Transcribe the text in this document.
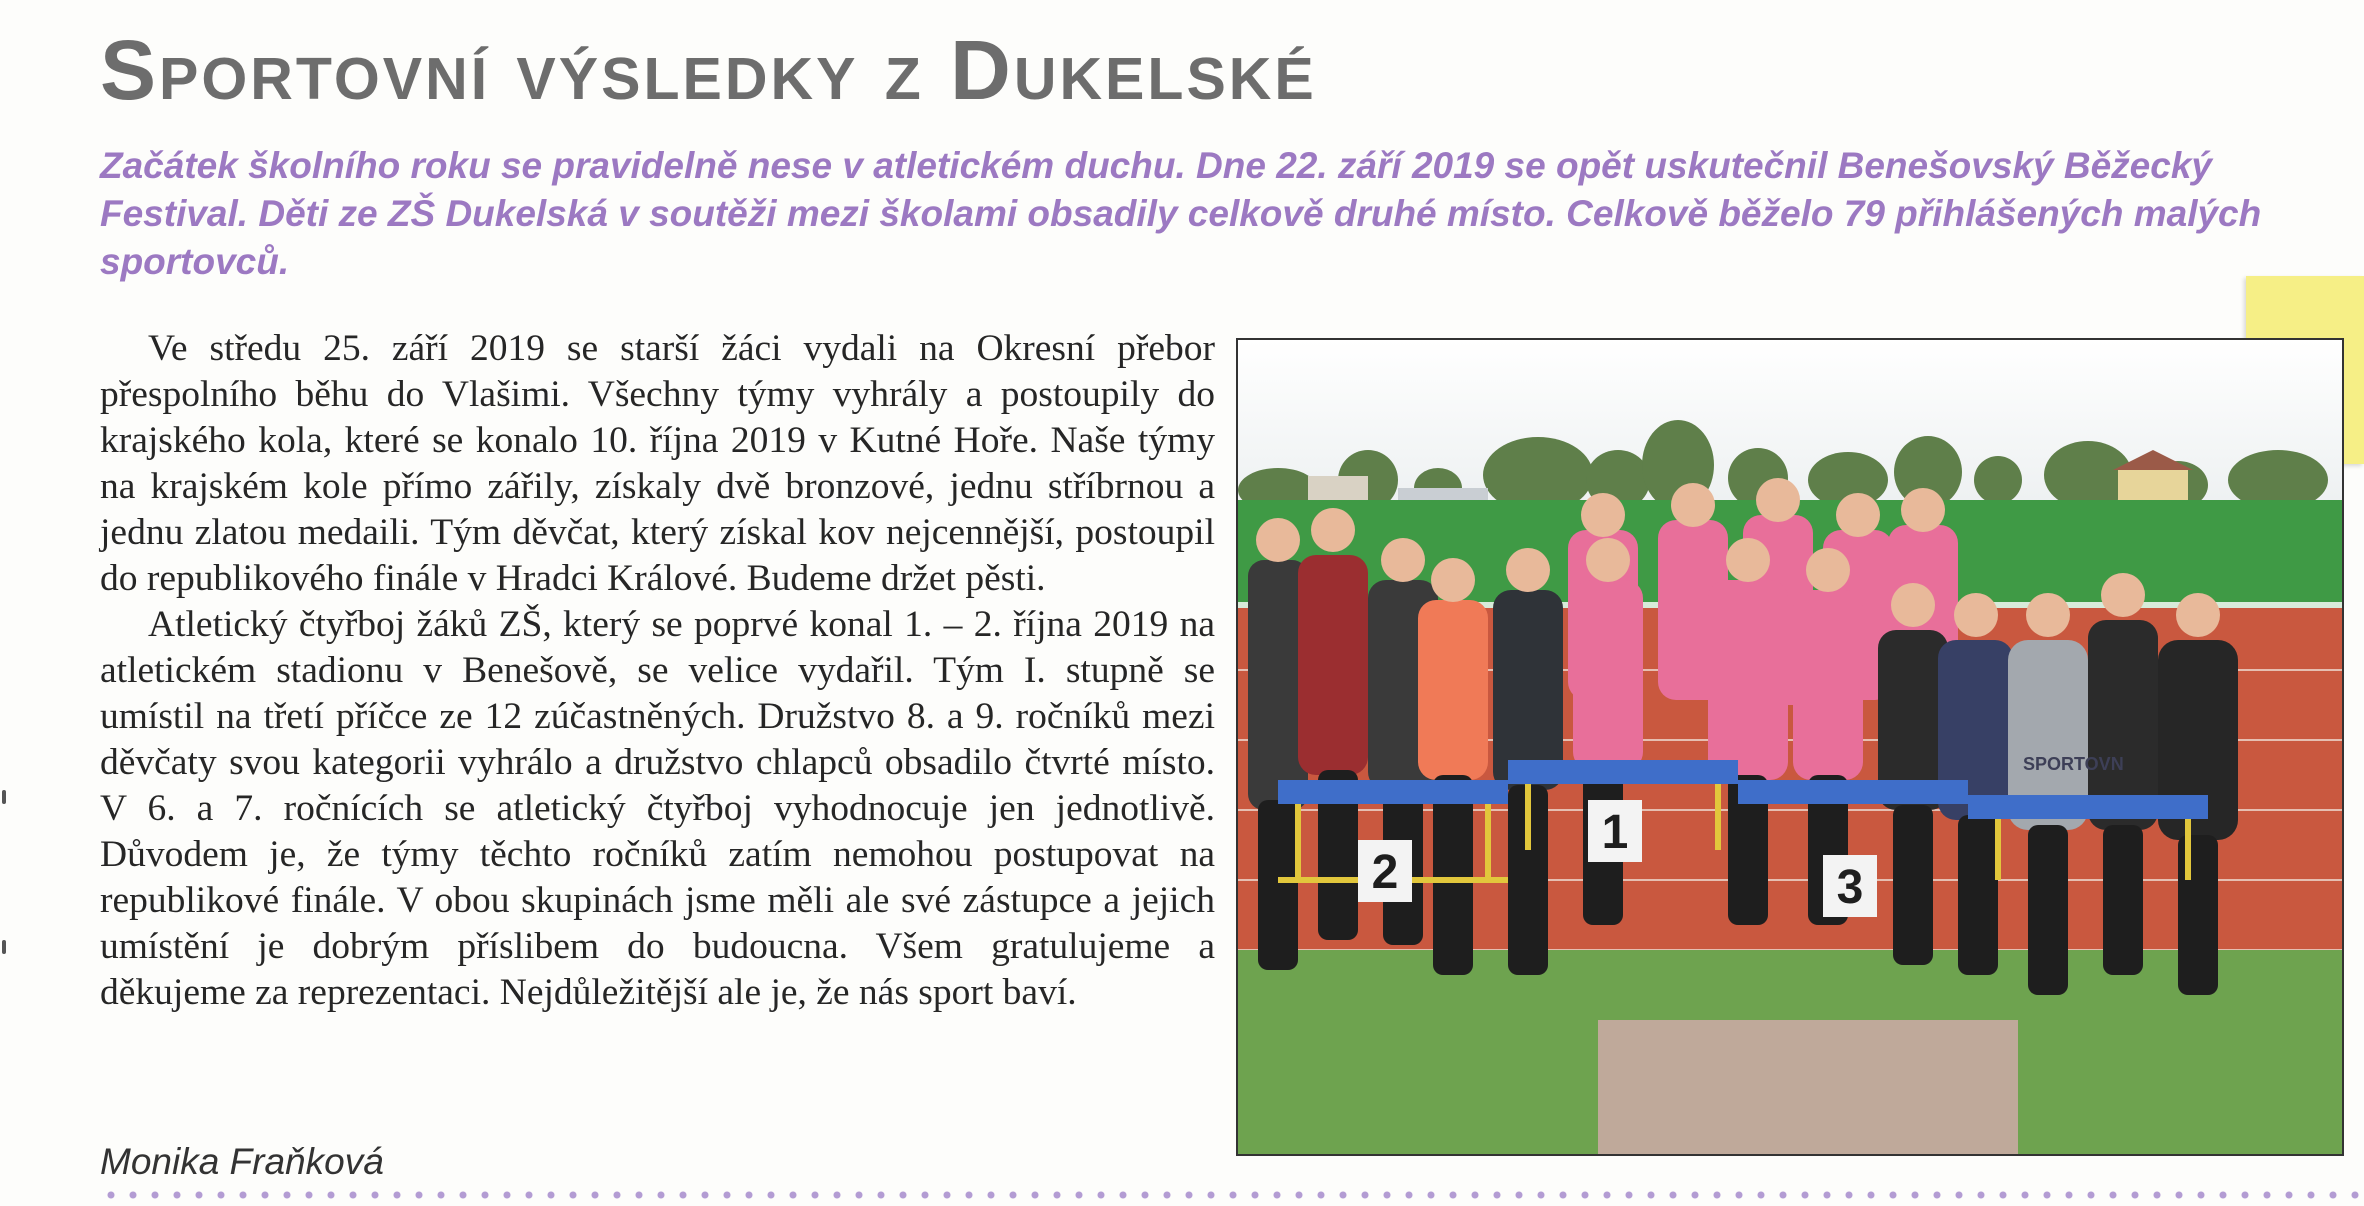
Sportovní výsledky z Dukelské

Začátek školního roku se pravidelně nese v atletickém duchu. Dne 22. září 2019 se opět uskutečnil Benešovský Běžecký Festival. Děti ze ZŠ Dukelská v soutěži mezi školami obsadily celkově druhé místo. Celkově běželo 79 přihlášených malých sportovců.

Ve středu 25. září 2019 se starší žáci vydali na Okresní přebor přespolního běhu do Vlašimi. Všechny týmy vyhrály a postoupily do krajského kola, které se konalo 10. října 2019 v Kutné Hoře. Naše týmy na krajském kole přímo zářily, získaly dvě bronzové, jednu stříbrnou a jednu zlatou medaili. Tým děvčat, který získal kov nejcennější, postoupil do republikového finále v Hradci Králové. Budeme držet pěsti.

Atletický čtyřboj žáků ZŠ, který se poprvé konal 1. – 2. října 2019 na atletickém stadionu v Benešově, se velice vydařil. Tým I. stupně se umístil na třetí příčce ze 12 zúčastněných. Družstvo 8. a 9. ročníků mezi děvčaty svou kategorii vyhrálo a družstvo chlapců obsadilo čtvrté místo. V 6. a 7. ročnících se atletický čtyřboj vyhodnocuje jen jednotlivě. Důvodem je, že týmy těchto ročníků zatím nemohou postupovat na republikové finále. V obou skupinách jsme měli ale své zástupce a jejich umístění je dobrým příslibem do budoucna. Všem gratulujeme a děkujeme za reprezentaci. Nejdůležitější ale je, že nás sport baví.

SPORTOVN
2
1
3

Monika Fraňková
